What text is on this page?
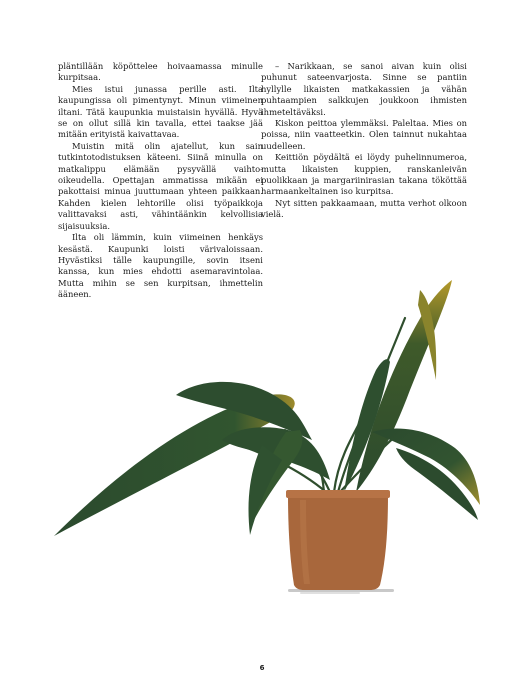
pläntillään köpöttelee hoivaamassa minulle kurpitsaa.

Mies istui junassa perille asti. Ilta kaupungissa oli pimentynyt. Minun viimeinen iltani. Tätä kaupunkia muistaisin hyvällä. Hyvä se on ollut sillä kin tavalla, ettei taakse jää mitään erityistä kaivattavaa.

Muistin mitä olin ajatellut, kun sain tutkintotodistuksen käteeni. Siinä minulla on matkalippu elämään pysyvällä vaihto-oikeudella. Opettajan ammatissa mikään ei pakottaisi minua juuttumaan yhteen paikkaan. Kahden kielen lehtorille olisi työpaikkoja valittavaksi asti, vähintäänkin kelvollisia sijaisuuksia.

Ilta oli lämmin, kuin viimeinen henkäys kesästä. Kaupunki loisti värivaloissaan. Hyvästiksi tälle kaupungille, sovin itseni kanssa, kun mies ehdotti asemaravintolaa. Mutta mihin se sen kurpitsan, ihmettelin ääneen.

– Narikkaan, se sanoi aivan kuin olisi puhunut sateenvarjosta. Sinne se pantiin hyllylle likaisten matkakassien ja vähän puhtaampien salkkujen joukkoon ihmisten ihmeteltäväksi.

Kiskon peittoa ylemmäksi. Paleltaa. Mies on poissa, niin vaatteetkin. Olen tainnut nukahtaa uudelleen.

Keittiön pöydältä ei löydy puhelinnumeroa, mutta likaisten kuppien, ranskanleivän puolikkaan ja margariinirasian takana tököttää harmaankeltainen iso kurpitsa.

Nyt sitten pakkaamaan, mutta verhot olkoon vielä.

6
